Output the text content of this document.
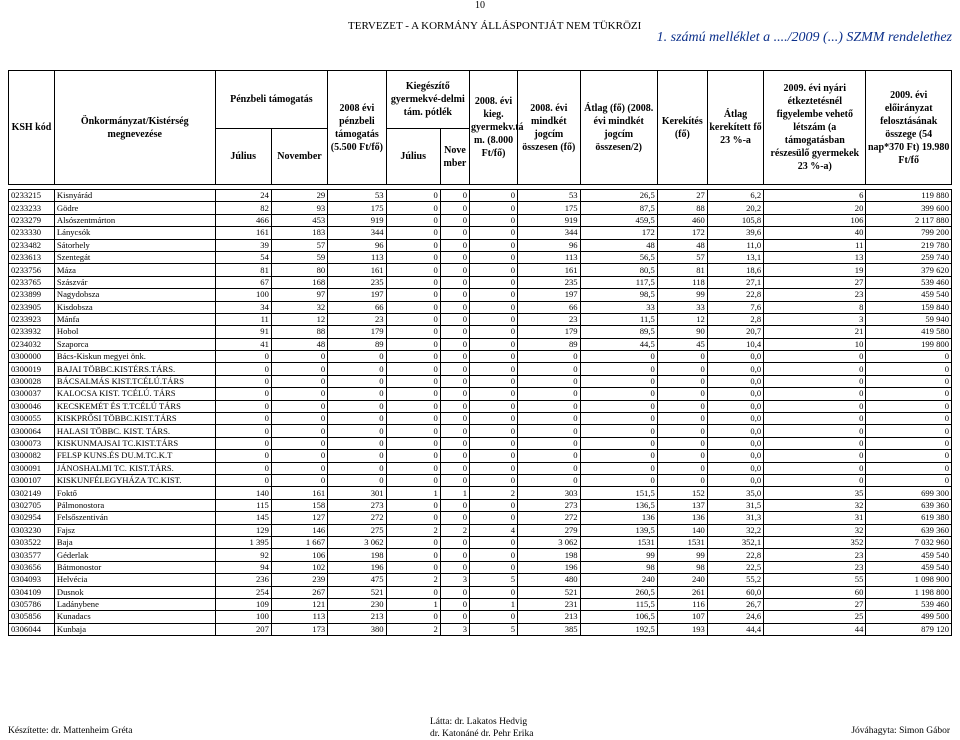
10
TERVEZET - A KORMÁNY ÁLLÁSPONTJÁT NEM TÜKRÖZI
1. számú melléklet a ..../2009 (...) SZMM rendelethez
KSH kód	Önkormányzat/Kistérség megnevezése	Pénzbeli támogatás		2008 évi pénzbeli támogatás (5.500 Ft/fő)	Kiegészítő gyermekvé-delmi tám. pótlék		2008. évi kieg. gyermekv.tá m. (8.000 Ft/fő)	2008. évi mindkét jogcím összesen (fő)	Átlag (fő) (2008. évi mindkét jogcím összesen/2)	Kerekítés (fő)	Átlag kerekített fő 23 %-a	2009. évi nyári étkeztetésnél figyelembe vehető létszám (a támogatásban részesülő gyermekek 23 %-a)	2009. évi előirányzat felosztásának összege (54 nap*370 Ft) 19.980 Ft/fő
		Július	November		Július	Nove mber							

0233215	Kisnyárád	24	29	53	0	0	0	53	26,5	27	6,2	6	119 880
0233233	Gödre	82	93	175	0	0	0	175	87,5	88	20,2	20	399 600
0233279	Alsószentmárton	466	453	919	0	0	0	919	459,5	460	105,8	106	2 117 880
0233330	Lánycsók	161	183	344	0	0	0	344	172	172	39,6	40	799 200
0233482	Sátorhely	39	57	96	0	0	0	96	48	48	11,0	11	219 780
0233613	Szentegát	54	59	113	0	0	0	113	56,5	57	13,1	13	259 740
0233756	Máza	81	80	161	0	0	0	161	80,5	81	18,6	19	379 620
0233765	Szászvár	67	168	235	0	0	0	235	117,5	118	27,1	27	539 460
0233899	Nagydobsza	100	97	197	0	0	0	197	98,5	99	22,8	23	459 540
0233905	Kisdobsza	34	32	66	0	0	0	66	33	33	7,6	8	159 840
0233923	Mánfa	11	12	23	0	0	0	23	11,5	12	2,8	3	59 940
0233932	Hobol	91	88	179	0	0	0	179	89,5	90	20,7	21	419 580
0234032	Szaporca	41	48	89	0	0	0	89	44,5	45	10,4	10	199 800
0300000	Bács-Kiskun megyei önk.	0	0	0	0	0	0	0	0	0	0,0	0	0
0300019	BAJAI TÖBBC.KISTÉRS.TÁRS.	0	0	0	0	0	0	0	0	0	0,0	0	0
0300028	BÁCSALMÁS KIST.TCÉLÚ.TÁRS	0	0	0	0	0	0	0	0	0	0,0	0	0
0300037	KALOCSA KIST. TCÉLÚ. TÁRS	0	0	0	0	0	0	0	0	0	0,0	0	0
0300046	KECSKEMÉT ÉS T.TCÉLÚ TÁRS	0	0	0	0	0	0	0	0	0	0,0	0	0
0300055	KISKPRŐSI TÖBBC.KIST.TÁRS	0	0	0	0	0	0	0	0	0	0,0	0	0
0300064	HALASI TÖBBC. KIST. TÁRS.	0	0	0	0	0	0	0	0	0	0,0	0	0
0300073	KISKUNMAJSAI TC.KIST.TÁRS	0	0	0	0	0	0	0	0	0	0,0	0	0
0300082	FELSP KUNS.ÉS DU.M.TC.K.T	0	0	0	0	0	0	0	0	0	0,0	0	0
0300091	JÁNOSHALMI TC. KIST.TÁRS.	0	0	0	0	0	0	0	0	0	0,0	0	0
0300107	KISKUNFÉLEGYHÁZA TC.KIST.	0	0	0	0	0	0	0	0	0	0,0	0	0
0302149	Foktő	140	161	301	1	1	2	303	151,5	152	35,0	35	699 300
0302705	Pálmonostora	115	158	273	0	0	0	273	136,5	137	31,5	32	639 360
0302954	Felsőszentiván	145	127	272	0	0	0	272	136	136	31,3	31	619 380
0303230	Fajsz	129	146	275	2	2	4	279	139,5	140	32,2	32	639 360
0303522	Baja	1 395	1 667	3 062	0	0	0	3 062	1531	1531	352,1	352	7 032 960
0303577	Géderlak	92	106	198	0	0	0	198	99	99	22,8	23	459 540
0303656	Bátmonostor	94	102	196	0	0	0	196	98	98	22,5	23	459 540
0304093	Helvécia	236	239	475	2	3	5	480	240	240	55,2	55	1 098 900
0304109	Dusnok	254	267	521	0	0	0	521	260,5	261	60,0	60	1 198 800
0305786	Ladánybene	109	121	230	1	0	1	231	115,5	116	26,7	27	539 460
0305856	Kunadacs	100	113	213	0	0	0	213	106,5	107	24,6	25	499 500
0306044	Kunbaja	207	173	380	2	3	5	385	192,5	193	44,4	44	879 120
Készítette: dr. Mattenheim Gréta
Látta: dr. Lakatos Hedvig
dr. Katonáné dr. Pehr Erika	Jóváhagyta: Simon Gábor
